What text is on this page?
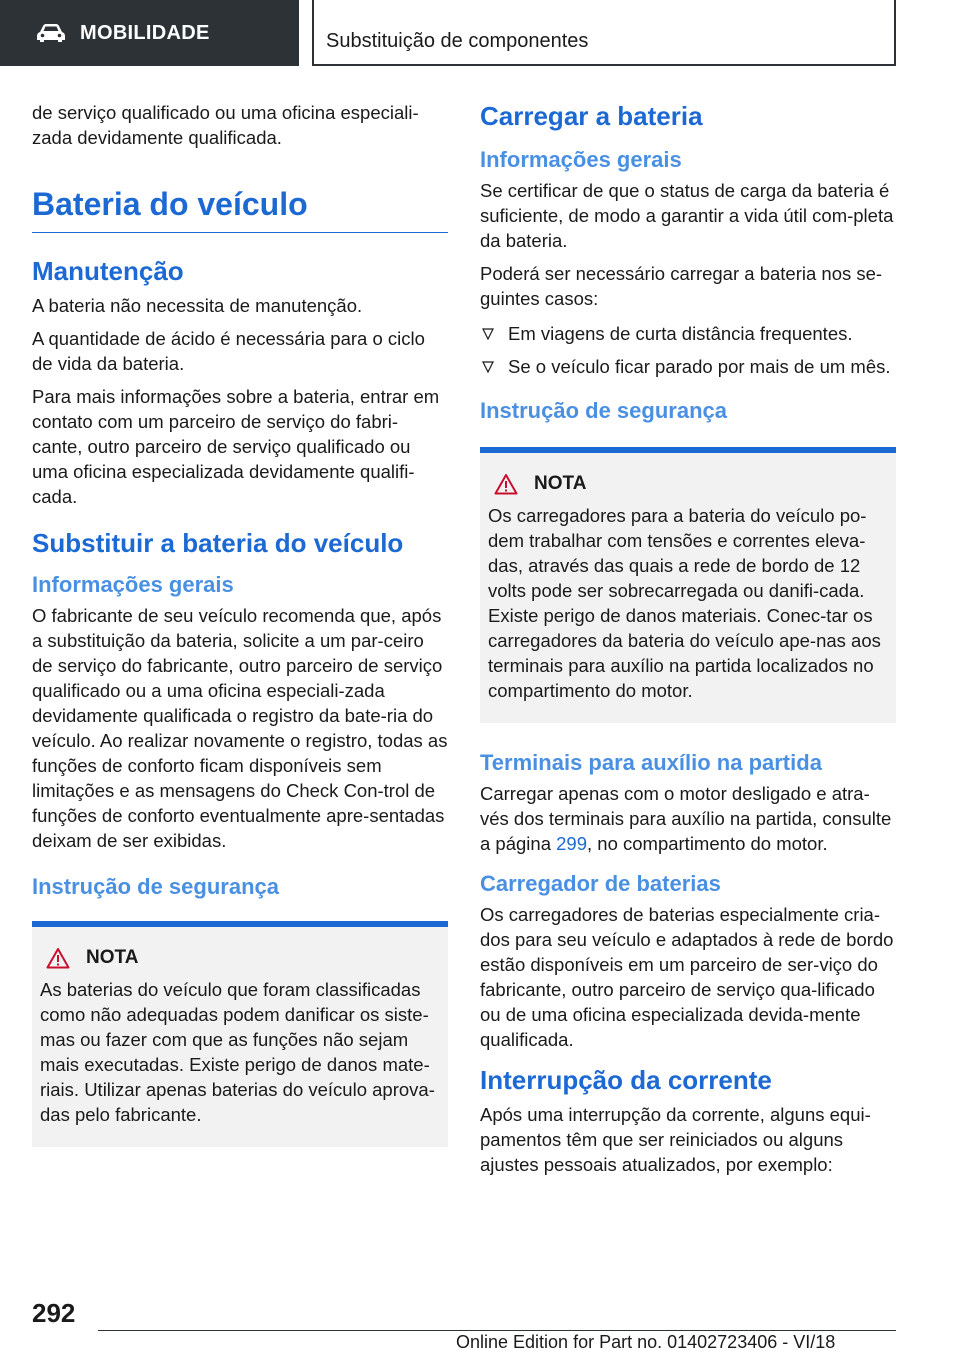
MOBILIDADE	Substituição de componentes

de serviço qualificado ou uma oficina especiali-zada devidamente qualificada.

Bateria do veículo
Manutenção

A bateria não necessita de manutenção.

A quantidade de ácido é necessária para o ciclo de vida da bateria.

Para mais informações sobre a bateria, entrar em contato com um parceiro de serviço do fabri-cante, outro parceiro de serviço qualificado ou uma oficina especializada devidamente qualifi-cada.

Substituir a bateria do veículo
Informações gerais

O fabricante de seu veículo recomenda que, após a substituição da bateria, solicite a um par-ceiro de serviço do fabricante, outro parceiro de serviço qualificado ou a uma oficina especiali-zada devidamente qualificada o registro da bate-ria do veículo. Ao realizar novamente o registro, todas as funções de conforto ficam disponíveis sem limitações e as mensagens do Check Con-trol de funções de conforto eventualmente apre-sentadas deixam de ser exibidas.

Instrução de segurança
NOTA

As baterias do veículo que foram classificadas como não adequadas podem danificar os siste-mas ou fazer com que as funções não sejam mais executadas. Existe perigo de danos mate-riais. Utilizar apenas baterias do veículo aprova-das pelo fabricante.

Carregar a bateria
Informações gerais

Se certificar de que o status de carga da bateria é suficiente, de modo a garantir a vida útil com-pleta da bateria.

Poderá ser necessário carregar a bateria nos se-guintes casos:

Em viagens de curta distância frequentes.
Se o veículo ficar parado por mais de um mês.
Instrução de segurança
NOTA

Os carregadores para a bateria do veículo po-dem trabalhar com tensões e correntes eleva-das, através das quais a rede de bordo de 12 volts pode ser sobrecarregada ou danifi-cada. Existe perigo de danos materiais. Conec-tar os carregadores da bateria do veículo ape-nas aos terminais para auxílio na partida localizados no compartimento do motor.

Terminais para auxílio na partida

Carregar apenas com o motor desligado e atra-vés dos terminais para auxílio na partida, consulte a página 299, no compartimento do motor.

Carregador de baterias

Os carregadores de baterias especialmente cria-dos para seu veículo e adaptados à rede de bordo estão disponíveis em um parceiro de ser-viço do fabricante, outro parceiro de serviço qua-lificado ou de uma oficina especializada devida-mente qualificada.

Interrupção da corrente

Após uma interrupção da corrente, alguns equi-pamentos têm que ser reiniciados ou alguns ajustes pessoais atualizados, por exemplo:

292
Online Edition for Part no. 01402723406 - VI/18
